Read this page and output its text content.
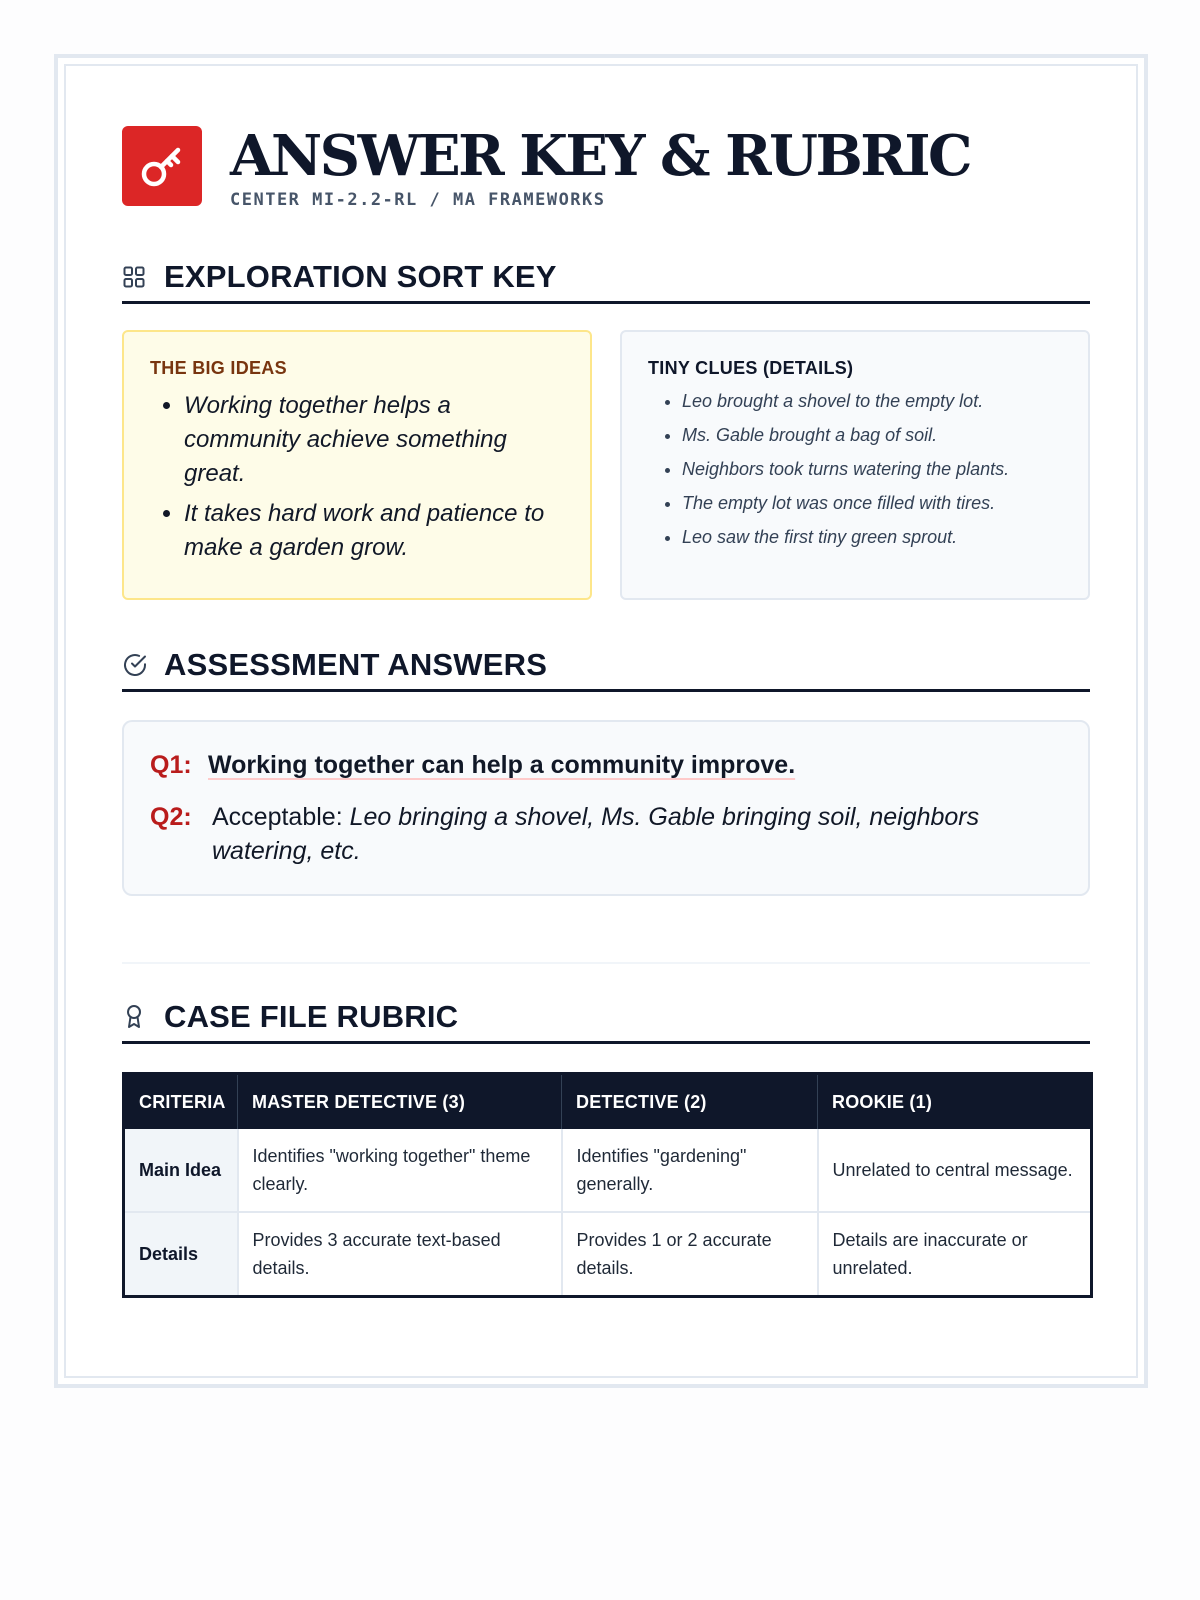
ANSWER KEY & RUBRIC
CENTER MI-2.2-RL / MA FRAMEWORKS
EXPLORATION SORT KEY
THE BIG IDEAS
• Working together helps a community achieve something great.
• It takes hard work and patience to make a garden grow.
TINY CLUES (DETAILS)
• Leo brought a shovel to the empty lot.
• Ms. Gable brought a bag of soil.
• Neighbors took turns watering the plants.
• The empty lot was once filled with tires.
• Leo saw the first tiny green sprout.
ASSESSMENT ANSWERS
Q1: Working together can help a community improve.
Q2: Acceptable: Leo bringing a shovel, Ms. Gable bringing soil, neighbors watering, etc.
CASE FILE RUBRIC
CRITERIA	MASTER DETECTIVE (3)	DETECTIVE (2)	ROOKIE (1)
Main Idea	Identifies "working together" theme clearly.	Identifies "gardening" generally.	Unrelated to central message.
Details	Provides 3 accurate text-based details.	Provides 1 or 2 accurate details.	Details are inaccurate or unrelated.
